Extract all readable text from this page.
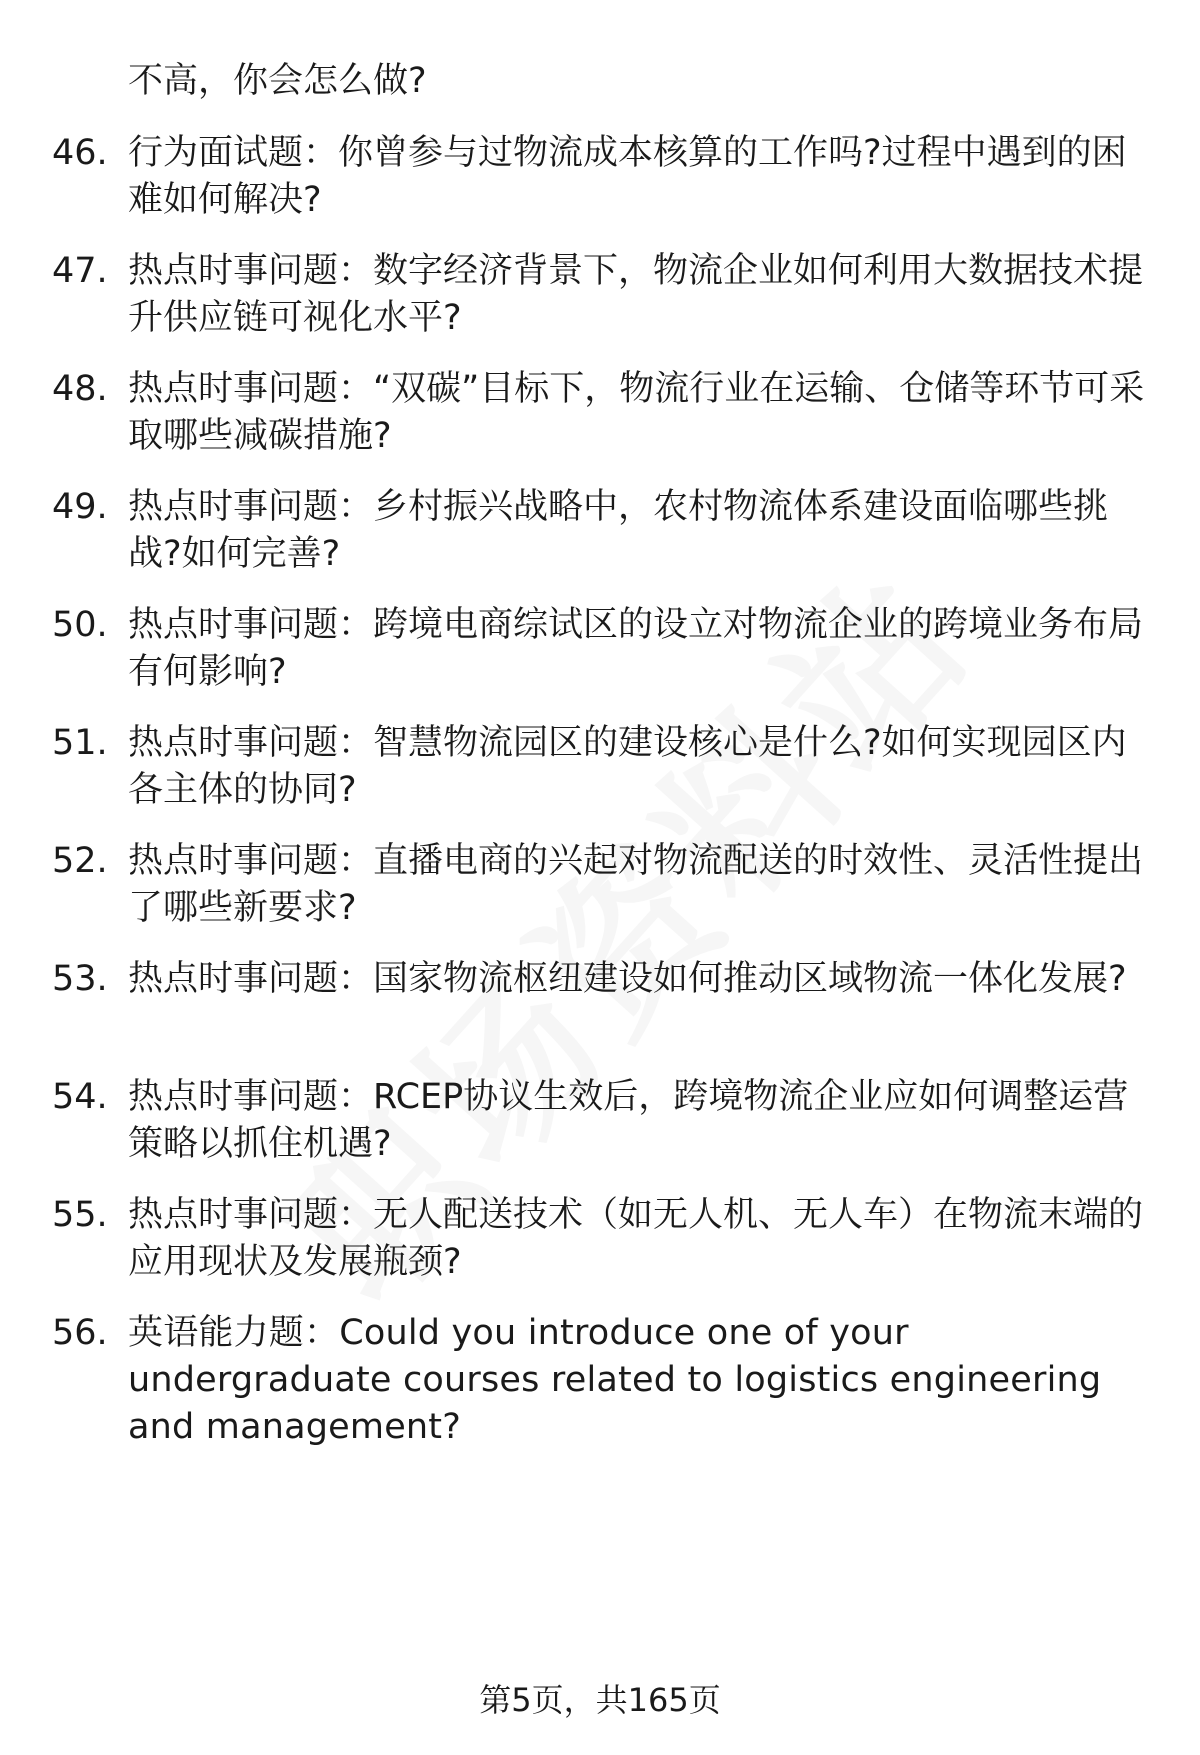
不高，你会怎么做?
46. 行为面试题：你曾参与过物流成本核算的工作吗?过程中遇到的困难如何解决?
47. 热点时事问题：数字经济背景下，物流企业如何利用大数据技术提升供应链可视化水平?
48. 热点时事问题：“双碳”目标下，物流行业在运输、仓储等环节可采取哪些减碳措施?
49. 热点时事问题：乡村振兴战略中，农村物流体系建设面临哪些挑战?如何完善?
50. 热点时事问题：跨境电商综试区的设立对物流企业的跨境业务布局有何影响?
51. 热点时事问题：智慧物流园区的建设核心是什么?如何实现园区内各主体的协同?
52. 热点时事问题：直播电商的兴起对物流配送的时效性、灵活性提出了哪些新要求?
53. 热点时事问题：国家物流枢纽建设如何推动区域物流一体化发展?
54. 热点时事问题：RCEP协议生效后，跨境物流企业应如何调整运营策略以抓住机遇?
55. 热点时事问题：无人配送技术（如无人机、无人车）在物流末端的应用现状及发展瓶颈?
56. 英语能力题：Could you introduce one of your undergraduate courses related to logistics engineering and management?
第5页，共165页
